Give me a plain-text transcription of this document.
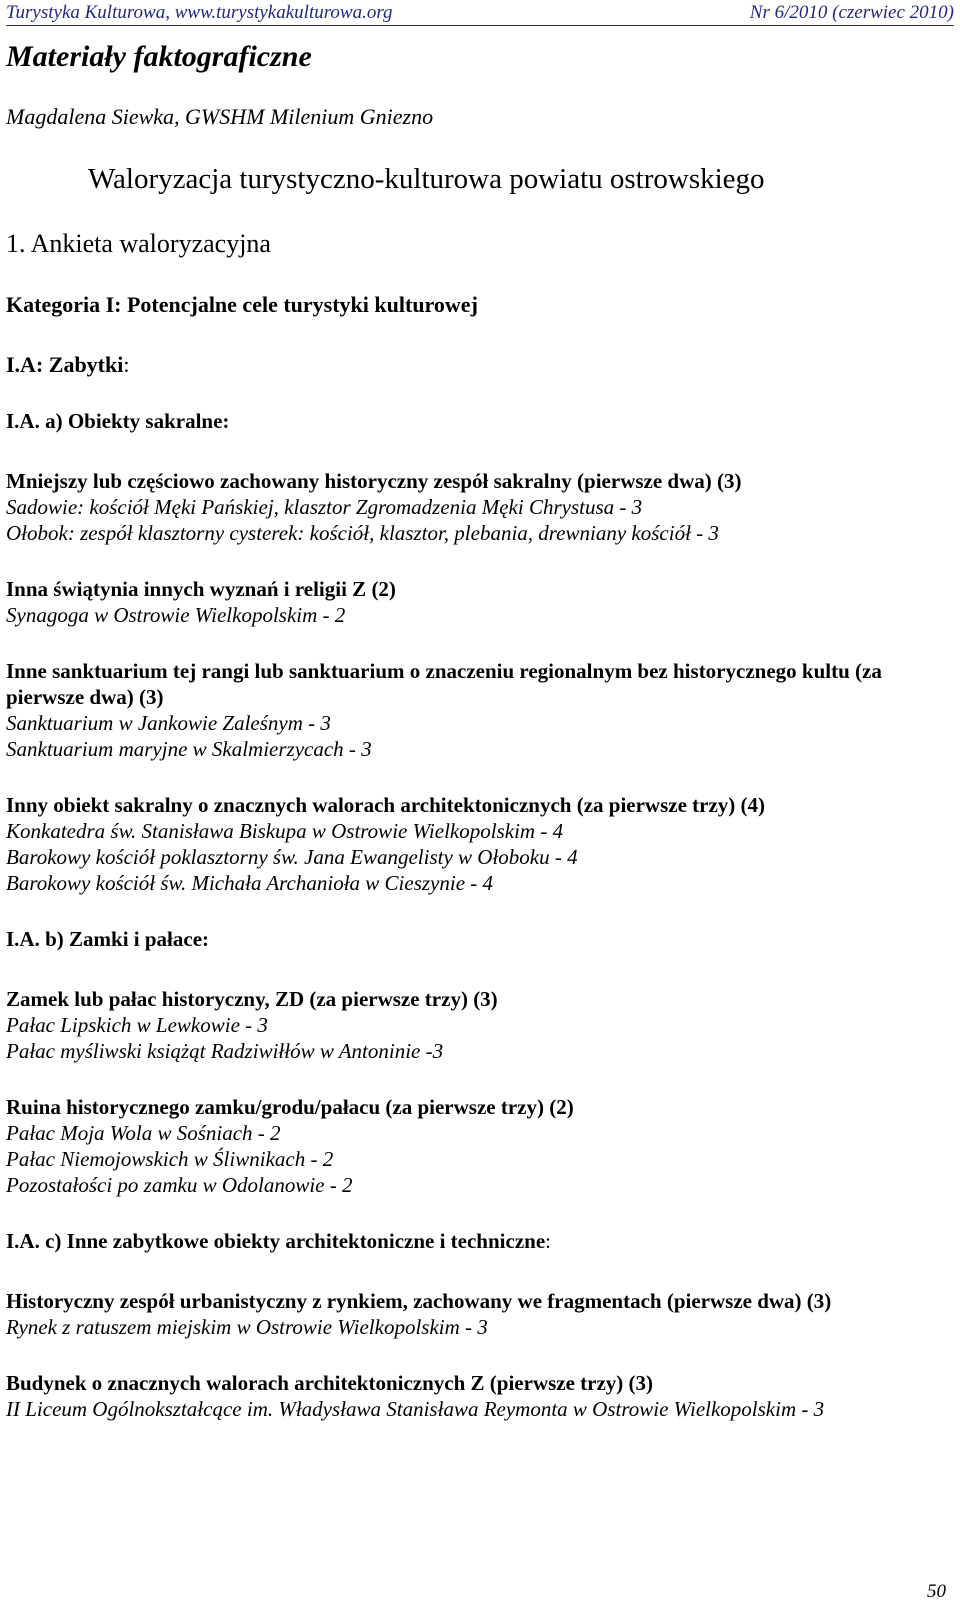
Turystyka Kulturowa, www.turystykakulturowa.org	Nr 6/2010 (czerwiec 2010)
Materiały faktograficzne
Magdalena Siewka, GWSHM Milenium Gniezno
Waloryzacja turystyczno-kulturowa powiatu ostrowskiego
1. Ankieta waloryzacyjna
Kategoria I: Potencjalne cele turystyki kulturowej
I.A: Zabytki:
I.A. a) Obiekty sakralne:
Mniejszy lub częściowo zachowany historyczny zespół sakralny (pierwsze dwa) (3)
Sadowie: kościół Męki Pańskiej, klasztor Zgromadzenia Męki Chrystusa - 3
Ołobok: zespół klasztorny cysterek: kościół, klasztor, plebania, drewniany kościół - 3
Inna świątynia innych wyznań i religii Z (2)
Synagoga w Ostrowie Wielkopolskim - 2
Inne sanktuarium tej rangi lub sanktuarium o znaczeniu regionalnym bez historycznego kultu (za pierwsze dwa) (3)
Sanktuarium w Jankowie Zaleśnym - 3
Sanktuarium maryjne w Skalmierzycach - 3
Inny obiekt sakralny o znacznych walorach architektonicznych (za pierwsze trzy) (4)
Konkatedra św. Stanisława Biskupa w Ostrowie Wielkopolskim - 4
Barokowy kościół poklasztorny św. Jana Ewangelisty w Ołoboku - 4
Barokowy kościół św. Michała Archanioła w Cieszynie - 4
I.A. b) Zamki i pałace:
Zamek lub pałac historyczny, ZD (za pierwsze trzy) (3)
Pałac Lipskich w Lewkowie - 3
Pałac myśliwski książąt Radziwiłłów w Antoninie -3
Ruina historycznego zamku/grodu/pałacu (za pierwsze trzy) (2)
Pałac Moja Wola w Sośniach - 2
Pałac Niemojowskich w Śliwnikach - 2
Pozostałości po zamku w Odolanowie - 2
I.A. c) Inne zabytkowe obiekty architektoniczne i techniczne:
Historyczny zespół urbanistyczny z rynkiem, zachowany we fragmentach (pierwsze dwa) (3)
Rynek z ratuszem miejskim w Ostrowie Wielkopolskim - 3
Budynek o znacznych walorach architektonicznych Z (pierwsze trzy) (3)
II Liceum Ogólnokształcące im. Władysława Stanisława Reymonta w Ostrowie Wielkopolskim - 3
50
